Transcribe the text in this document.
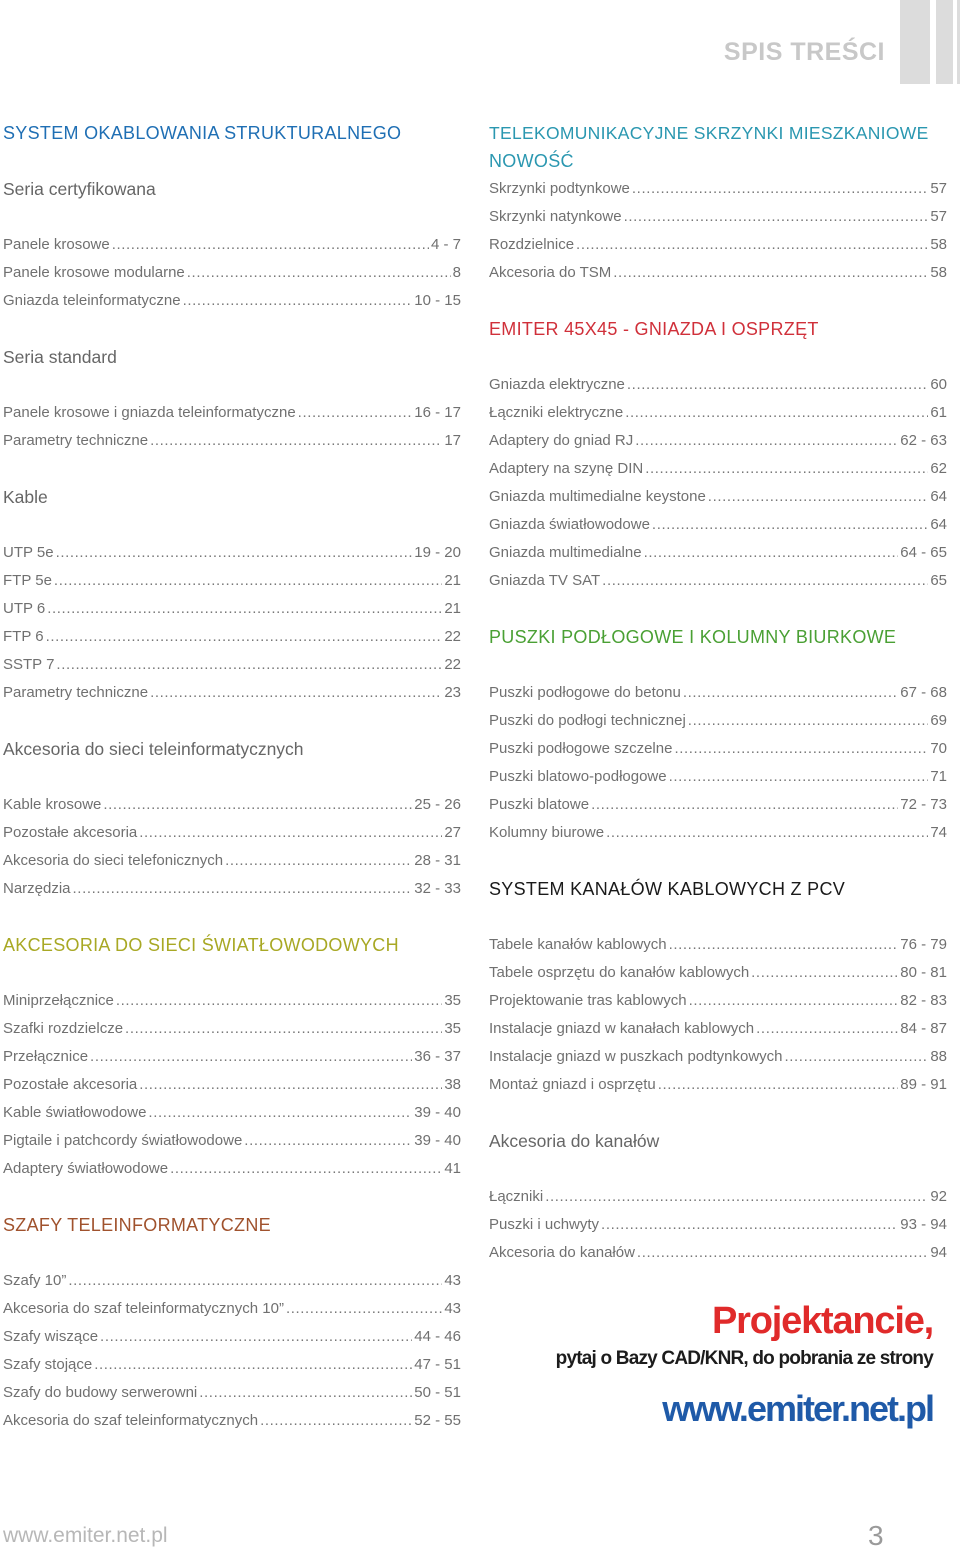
SPIS TREŚCI
SYSTEM OKABLOWANIA STRUKTURALNEGO
Seria certyfikowana
Panele krosowe .....	4 - 7
Panele krosowe modularne .....	8
Gniazda teleinformatyczne .....	10 - 15
Seria standard
Panele krosowe i gniazda teleinformatyczne .....	16 - 17
Parametry techniczne .....	17
Kable
UTP 5e .....	19 - 20
FTP 5e .....	21
UTP 6 .....	21
FTP 6 .....	22
SSTP 7 .....	22
Parametry techniczne .....	23
Akcesoria do sieci teleinformatycznych
Kable krosowe .....	25 - 26
Pozostałe akcesoria .....	27
Akcesoria do sieci telefonicznych .....	28 - 31
Narzędzia .....	32 - 33
AKCESORIA DO SIECI ŚWIATŁOWODOWYCH
Miniprzełącznice .....	35
Szafki rozdzielcze .....	35
Przełącznice .....	36 - 37
Pozostałe akcesoria .....	38
Kable światłowodowe .....	39 - 40
Pigtaile i patchcordy światłowodowe .....	39 - 40
Adaptery światłowodowe .....	41
SZAFY TELEINFORMATYCZNE
Szafy 10” .....	43
Akcesoria do szaf teleinformatycznych 10” .....	43
Szafy wiszące .....	44 - 46
Szafy stojące .....	47 - 51
Szafy do budowy serwerowni .....	50 - 51
Akcesoria do szaf teleinformatycznych .....	52 - 55
TELEKOMUNIKACYJNE SKRZYNKI MIESZKANIOWE
NOWOŚĆ
Skrzynki podtynkowe .....	57
Skrzynki natynkowe .....	57
Rozdzielnice .....	58
Akcesoria do TSM .....	58
EMITER 45X45 - GNIAZDA I OSPRZĘT
Gniazda elektryczne .....	60
Łączniki elektryczne .....	61
Adaptery do gniad RJ .....	62 - 63
Adaptery na szynę DIN .....	62
Gniazda multimedialne keystone .....	64
Gniazda światłowodowe .....	64
Gniazda multimedialne .....	64 - 65
Gniazda TV SAT .....	65
PUSZKI PODŁOGOWE I KOLUMNY BIURKOWE
Puszki podłogowe do betonu .....	67 - 68
Puszki do podłogi technicznej .....	69
Puszki podłogowe szczelne .....	70
Puszki blatowo-podłogowe .....	71
Puszki blatowe .....	72 - 73
Kolumny biurowe .....	74
SYSTEM KANAŁÓW KABLOWYCH Z PCV
Tabele kanałów kablowych .....	76 - 79
Tabele osprzętu do kanałów kablowych .....	80 - 81
Projektowanie tras kablowych .....	82 - 83
Instalacje gniazd w kanałach kablowych .....	84 - 87
Instalacje gniazd w puszkach podtynkowych .....	88
Montaż gniazd i osprzętu .....	89 - 91
Akcesoria do kanałów
Łączniki .....	92
Puszki i uchwyty .....	93 - 94
Akcesoria do kanałów .....	94
Projektancie,
pytaj o Bazy CAD/KNR, do pobrania ze strony
www.emiter.net.pl
www.emiter.net.pl	3
